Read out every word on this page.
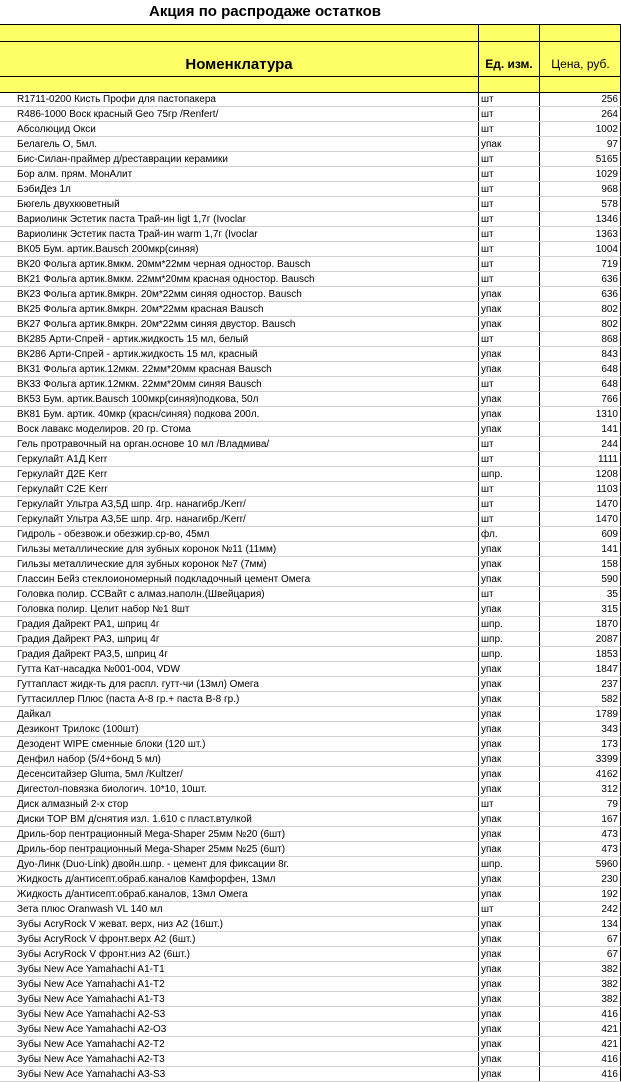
Акция по распродаже остатков
Номенклатура	Ед. изм.	Цена, руб.
R1711-0200 Кисть Профи для пастопакера	шт	256
R486-1000 Воск красный Geo 75гр /Renfert/	шт	264
Абсолюцид Окси	шт	1002
Белагель О, 5мл.	упак	97
Бис-Силан-праймер д/реставрации керамики	шт	5165
Бор алм. прям. МонАлит	шт	1029
БэбиДез 1л	шт	968
Бюгель двухкюветный	шт	578
Вариолинк Эстетик паста Трай-ин ligt 1,7г (Ivoclar	шт	1346
Вариолинк Эстетик паста Трай-ин warm 1,7г (Ivoclar	шт	1363
ВК05 Бум. артик.Bausch 200мкр(синяя)	шт	1004
ВК20 Фольга артик.8мкм. 20мм*22мм черная одностор. Bausch	шт	719
ВК21 Фольга артик.8мкм. 22мм*20мм красная одностор. Bausch	шт	636
ВК23 Фольга артик.8мкрн. 20м*22мм синяя одностор. Bausch	упак	636
ВК25 Фольга артик.8мкрн. 20м*22мм красная Bausch	упак	802
ВК27 Фольга артик.8мкрн. 20м*22мм синяя двустор. Bausch	упак	802
ВК285 Арти-Спрей - артик.жидкость 15 мл, белый	шт	868
ВК286 Арти-Спрей - артик.жидкость 15 мл, красный	упак	843
ВК31 Фольга артик.12мкм. 22мм*20мм красная Bausch	упак	648
ВК33 Фольга артик.12мкм. 22мм*20мм синяя Bausch	шт	648
ВК53 Бум. артик.Bausch 100мкр(синяя)подкова, 50л	упак	766
ВК81 Бум. артик. 40мкр (красн/синяя) подкова 200л.	упак	1310
Воск лавакс моделиров. 20 гр. Стома	упак	141
Гель протравочный на орган.основе 10 мл /Владмива/	шт	244
Геркулайт А1Д Kerr	шт	1111
Геркулайт Д2Е Kerr	шпр.	1208
Геркулайт С2Е Kerr	шт	1103
Геркулайт Ультра А3,5Д шпр. 4гр. нанагибр./Kerr/	шт	1470
Геркулайт Ультра А3,5Е шпр. 4гр. нанагибр./Kerr/	шт	1470
Гидроль - обезвож.и обезжир.ср-во, 45мл	фл.	609
Гильзы металлические для зубных коронок №11 (11мм)	упак	141
Гильзы металлические для зубных коронок №7 (7мм)	упак	158
Глассин Бейз стеклоиономерный подкладочный цемент Омега	упак	590
Головка полир. ССВайт с алмаз.наполн.(Швейцария)	шт	35
Головка полир. Целит набор №1 8шт	упак	315
Градия Дайрект PA1, шприц 4г	шпр.	1870
Градия Дайрект PA3, шприц 4г	шпр.	2087
Градия Дайрект PA3,5, шприц 4г	шпр.	1853
Гутта Кат-насадка №001-004, VDW	упак	1847
Гуттапласт жидк-ть для распл. гутт-чи (13мл) Омега	упак	237
Гуттасиллер Плюс (паста А-8 гр.+ паста В-8 гр.)	упак	582
Дайкал	упак	1789
Дезиконт Трилокс (100шт)	упак	343
Дезодент WIPE сменные блоки (120 шт.)	упак	173
Денфил набор (5/4+бонд 5 мл)	упак	3399
Десенситайзер Gluma, 5мл /Kultzer/	упак	4162
Дигестол-повязка биологич. 10*10, 10шт.	упак	312
Диск алмазный 2-х стор	шт	79
Диски TOP BM д/снятия изл. 1.610 с пласт.втулкой	упак	167
Дриль-бор пентрационный Mega-Shaper 25мм №20 (6шт)	упак	473
Дриль-бор пентрационный Mega-Shaper 25мм №25 (6шт)	упак	473
Дуо-Линк (Duo-Link) двойн.шпр. - цемент для фиксации 8г.	шпр.	5960
Жидкость д/антисепт.обраб.каналов Камфорфен, 13мл	упак	230
Жидкость д/антисепт.обраб.каналов, 13мл Омега	упак	192
Зета плюс Oranwash VL 140 мл	шт	242
Зубы AcryRock V жеват. верх, низ А2 (16шт.)	упак	134
Зубы AcryRock V фронт.верх А2 (6шт.)	упак	67
Зубы AcryRock V фронт.низ А2 (6шт.)	упак	67
Зубы New Ace Yamahachi A1-T1	упак	382
Зубы New Ace Yamahachi A1-T2	упак	382
Зубы New Ace Yamahachi A1-T3	упак	382
Зубы New Ace Yamahachi A2-S3	упак	416
Зубы New Ace Yamahachi A2-O3	упак	421
Зубы New Ace Yamahachi A2-T2	упак	421
Зубы New Ace Yamahachi A2-T3	упак	416
Зубы New Ace Yamahachi A3-S3	упак	416
